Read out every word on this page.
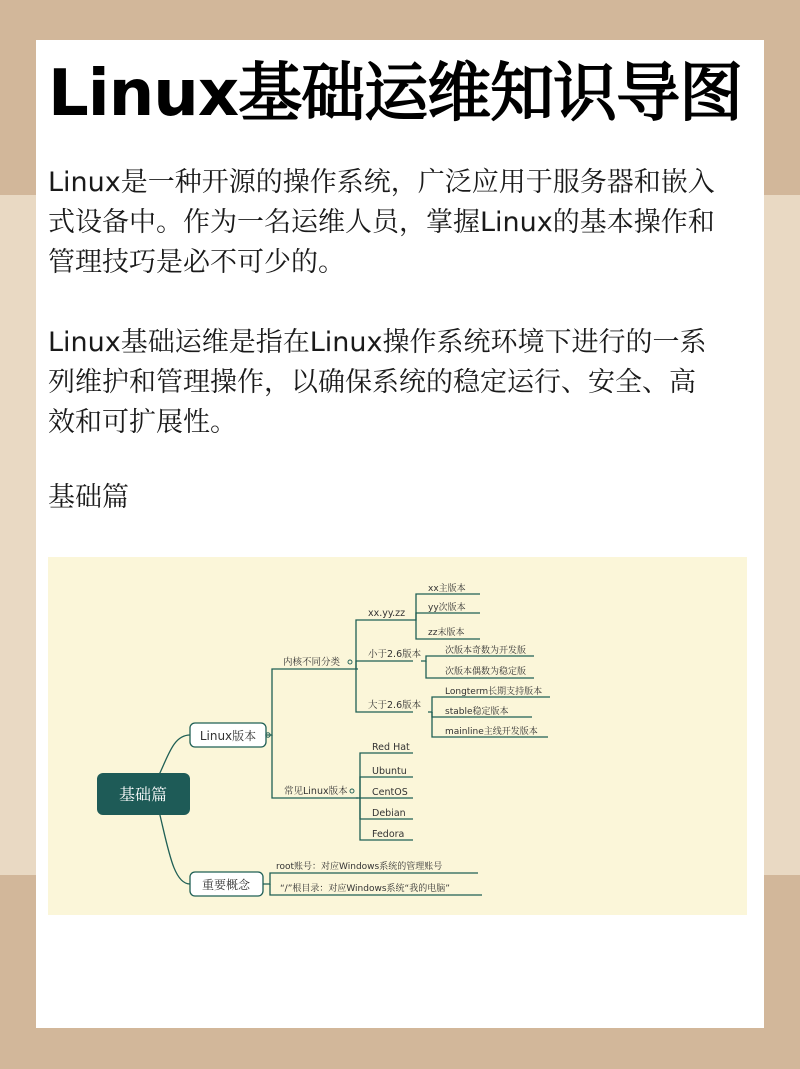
Linux基础运维知识导图
Linux是一种开源的操作系统，广泛应用于服务器和嵌入
式设备中。作为一名运维人员，掌握Linux的基本操作和
管理技巧是必不可少的。
Linux基础运维是指在Linux操作系统环境下进行的一系
列维护和管理操作，以确保系统的稳定运行、安全、高
效和可扩展性。
基础篇
基础篇
Linux版本
重要概念
内核不同分类
常见Linux版本
xx.yy.zz
小于2.6版本
大于2.6版本
xx主版本
yy次版本
zz末版本
次版本奇数为开发版
次版本偶数为稳定版
Longterm长期支持版本
stable稳定版本
mainline主线开发版本
Red Hat
Ubuntu
CentOS
Debian
Fedora
root账号：对应Windows系统的管理账号
“/”根目录：对应Windows系统“我的电脑”
